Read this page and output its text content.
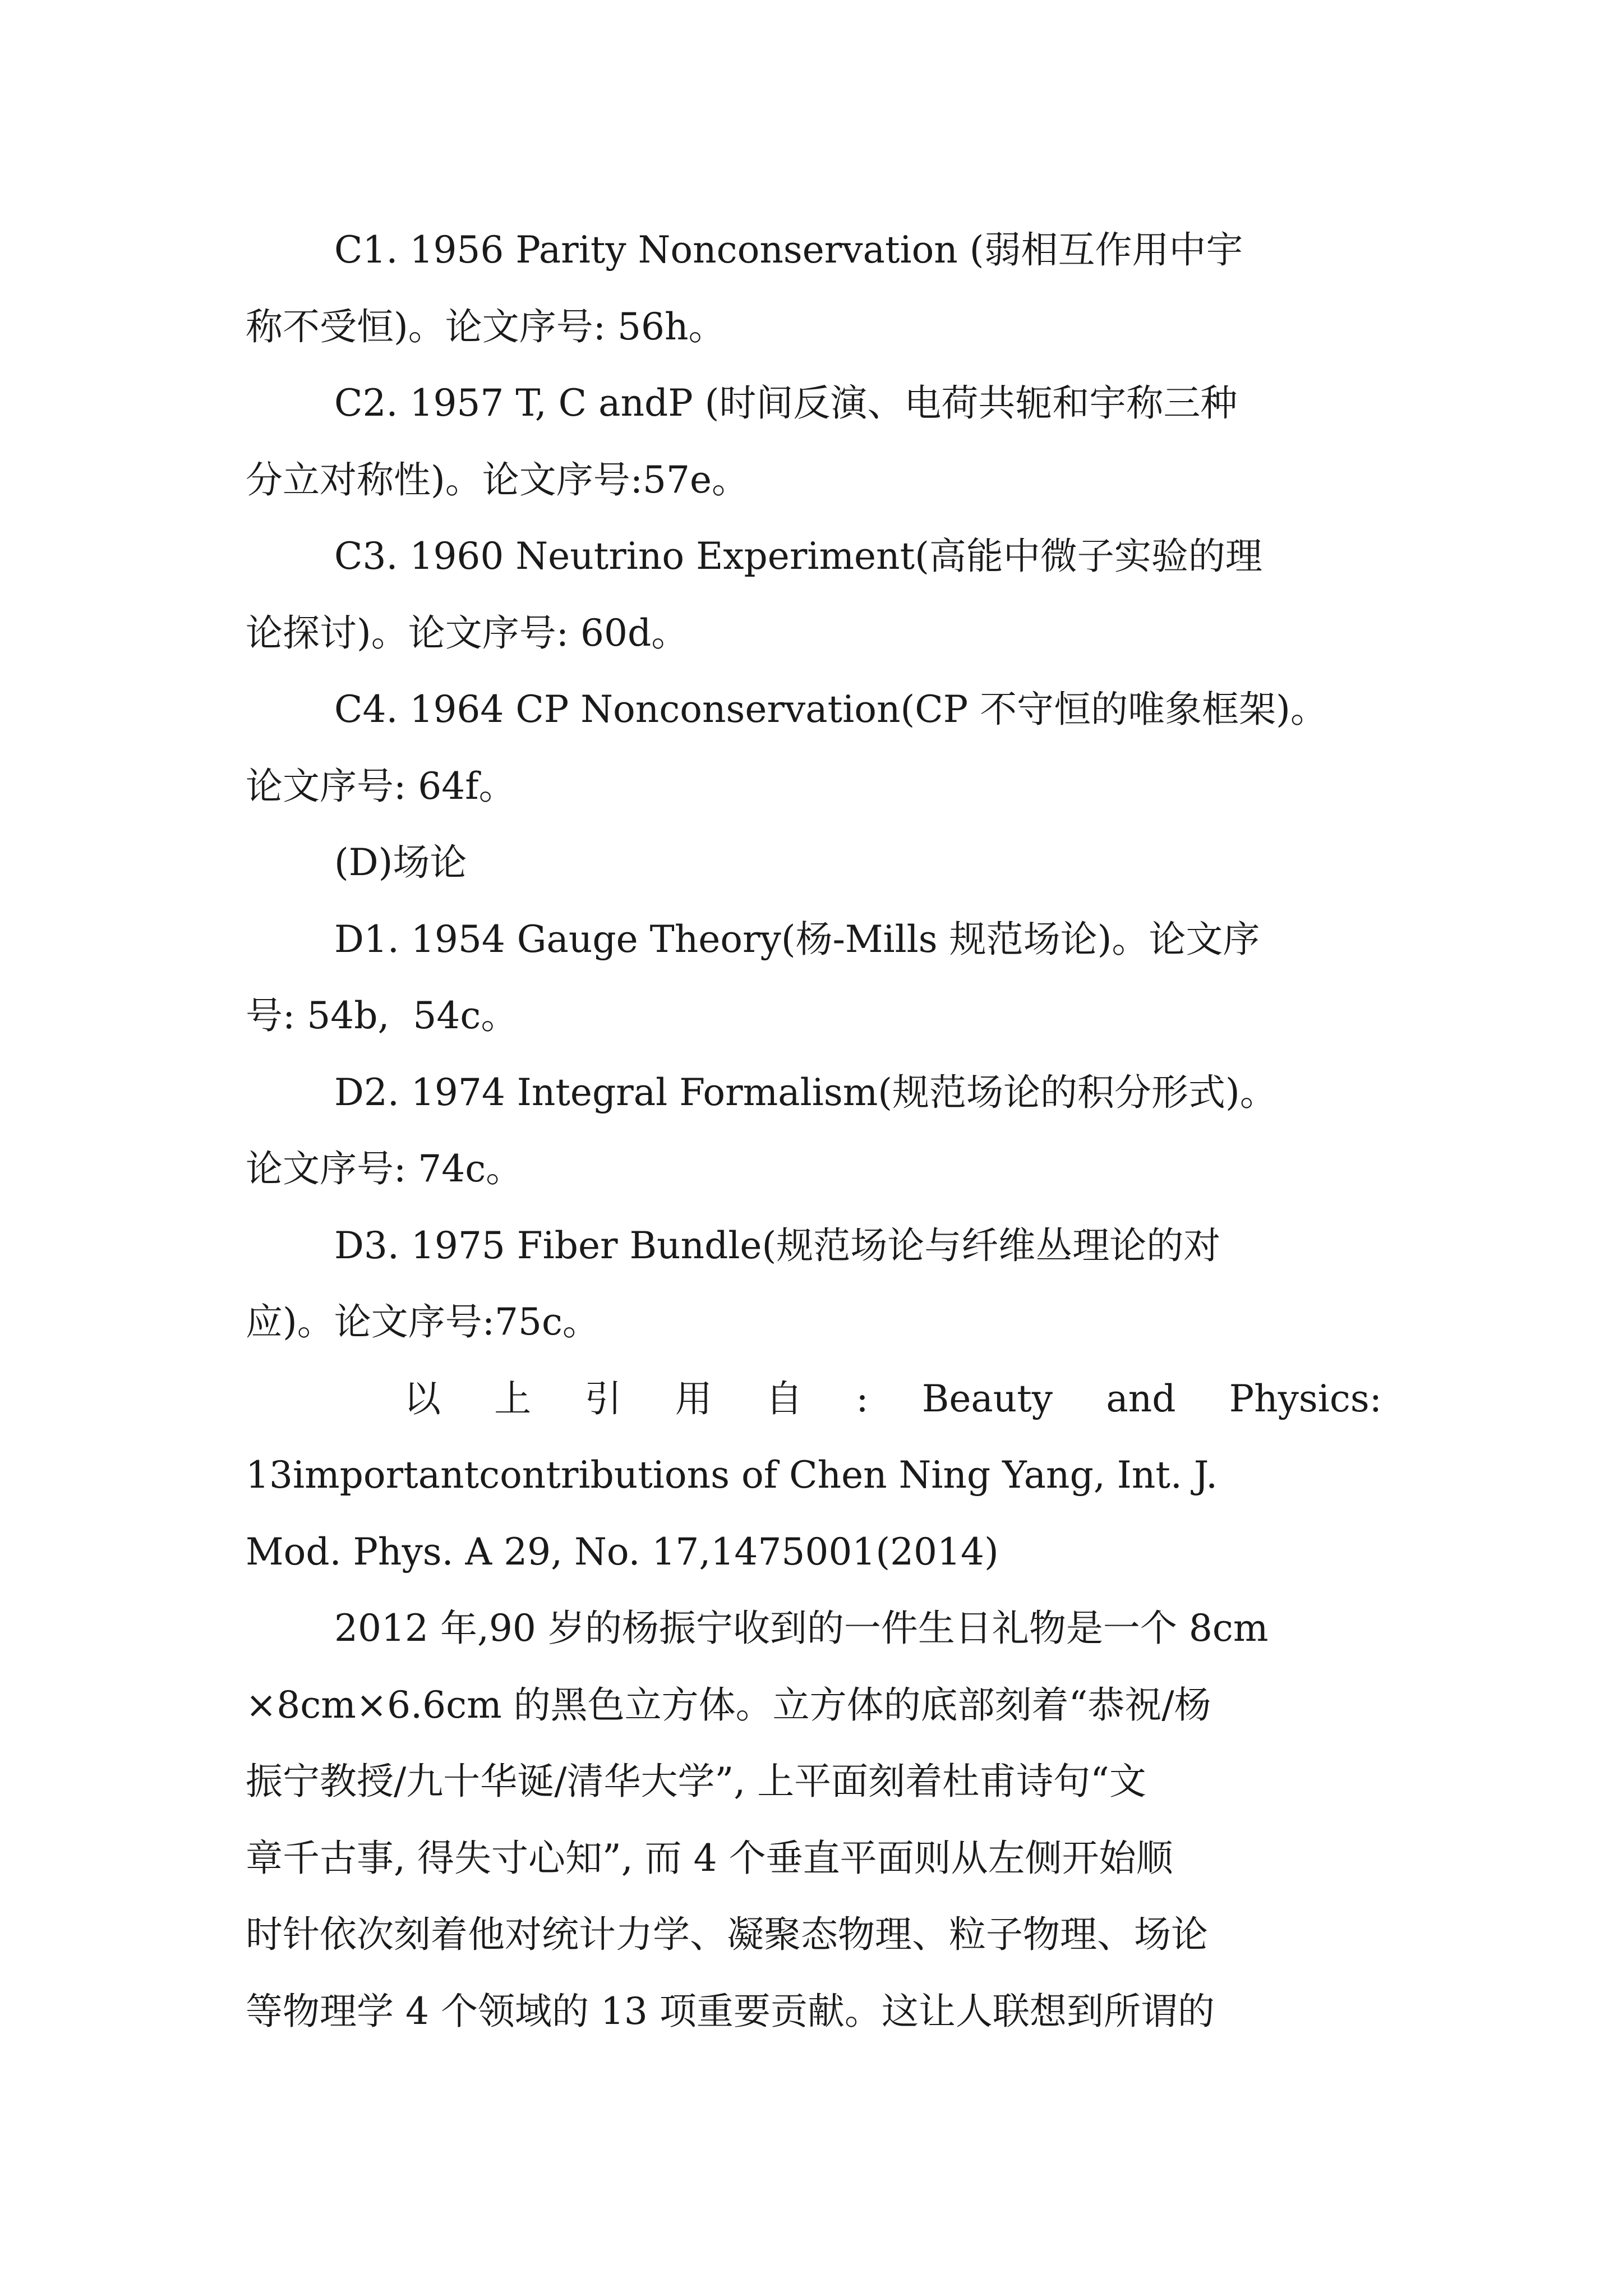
C1. 1956 Parity Nonconservation (弱相互作用中宇
称不受恒)。论文序号: 56h。
C2. 1957 T, C andP (时间反演、电荷共轭和宇称三种
分立对称性)。论文序号:57e。
C3. 1960 Neutrino Experiment(高能中微子实验的理
论探讨)。论文序号: 60d。
C4. 1964 CP Nonconservation(CP 不守恒的唯象框架)。
论文序号: 64f。
(D)场论
D1. 1954 Gauge Theory(杨-Mills 规范场论)。论文序
号: 54b,  54c。
D2. 1974 Integral Formalism(规范场论的积分形式)。
论文序号: 74c。
D3. 1975 Fiber Bundle(规范场论与纤维丛理论的对
应)。论文序号:75c。
以 上 引 用 自 : Beauty and Physics:
13importantcontributions of Chen Ning Yang, Int. J.
Mod. Phys. A 29, No. 17,1475001(2014)
2012 年,90 岁的杨振宁收到的一件生日礼物是一个 8cm
×8cm×6.6cm 的黑色立方体。立方体的底部刻着“恭祝/杨
振宁教授/九十华诞/清华大学”, 上平面刻着杜甫诗句“文
章千古事, 得失寸心知”, 而 4 个垂直平面则从左侧开始顺
时针依次刻着他对统计力学、凝聚态物理、粒子物理、场论
等物理学 4 个领域的 13 项重要贡献。这让人联想到所谓的
